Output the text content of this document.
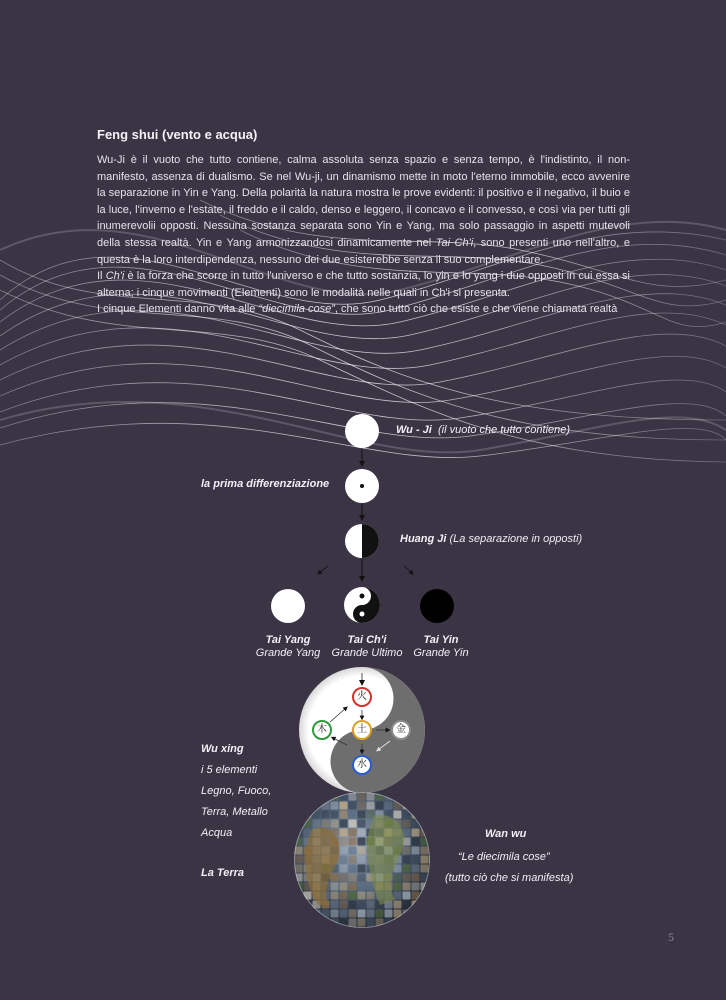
Feng shui (vento e acqua)

Wu-Ji è il vuoto che tutto contiene, calma assoluta senza spazio e senza tempo, è l'indistinto, il non-manifesto, assenza di dualismo. Se nel Wu-ji, un dinamismo mette in moto l'eterno immobile, ecco avvenire la separazione in Yin e Yang. Della polarità la natura mostra le prove evidenti: il positivo e il negativo, il buio e la luce, l'inverno e l'estate, il freddo e il caldo, denso e leggero, il concavo e il convesso, e così via per tutti gli inumerevolii opposti. Nessuna sostanza separata sono Yin e Yang, ma solo passaggio in aspetti mutevoli della stessa realtà. Yin e Yang armonizzandosi dinamicamente nel Tai Ch'i, sono presenti uno nell'altro, e questa è la loro interdipendenza, nessuno dei due esisterebbe senza il suo complementare.

Il Ch'i è la forza che scorre in tutto l'universo e che tutto sostanzia, lo yin e lo yang i due opposti in cui essa si alterna; i cinque movimenti (Elementi) sono le modalità nelle quali in Ch'i si presenta.

I cinque Elementi danno vita alle “diecimila cose”, che sono tutto ciò che esiste e che viene chiamata realtà

火
木	土	金
水
Wu - Ji (il vuoto che tutto contiene)
la prima differenziazione
Huang Ji (La separazione in opposti)
Tai Yang
Grande Yang
Tai Ch'i
Grande Ultimo
Tai Yin
Grande Yin
Wu xing
i 5 elementi
Legno, Fuoco,
Terra, Metallo
Acqua
La Terra
Wan wu
“Le diecimila cose”
(tutto ciò che si manifesta)
5
